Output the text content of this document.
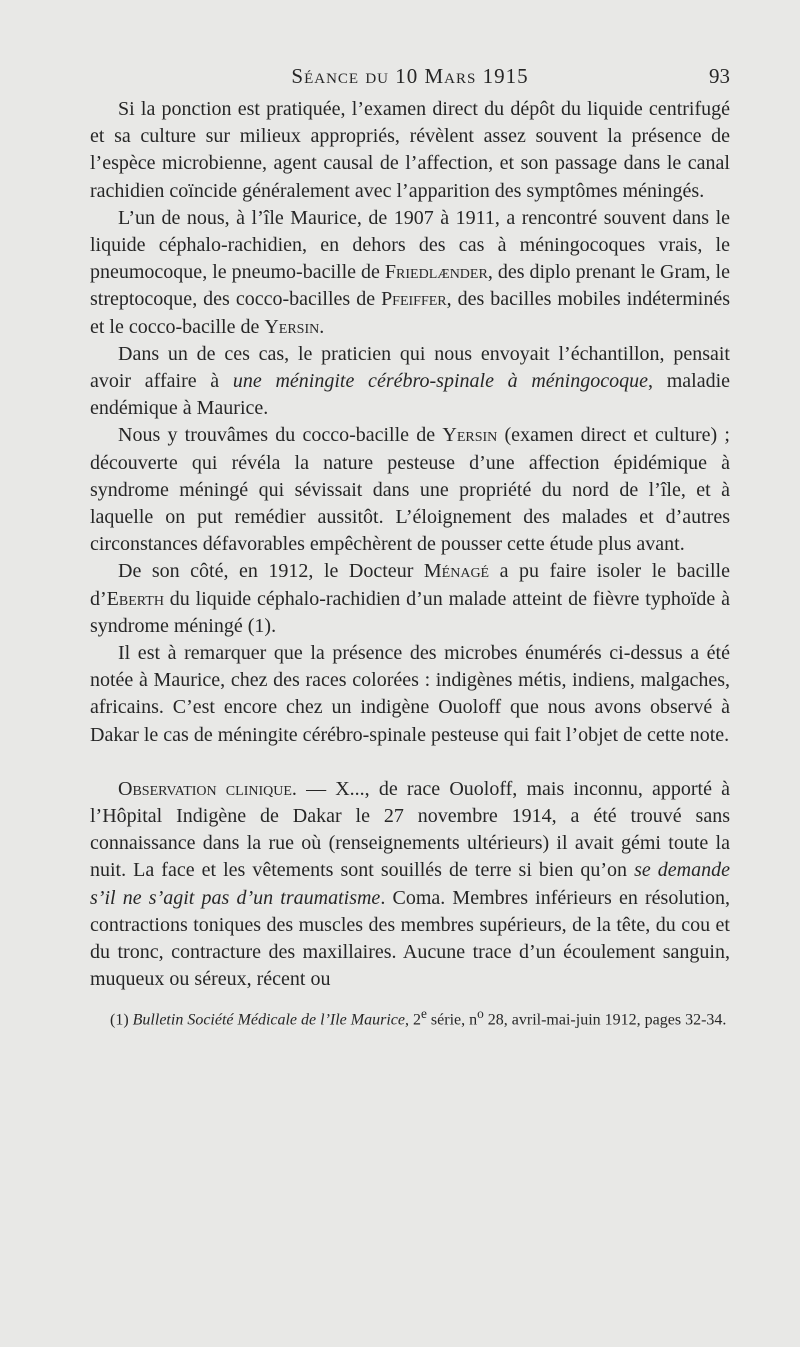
Séance du 10 Mars 1915	93

Si la ponction est pratiquée, l’examen direct du dépôt du liquide centrifugé et sa culture sur milieux appropriés, révèlent assez souvent la présence de l’espèce microbienne, agent causal de l’affection, et son passage dans le canal rachidien coïncide généralement avec l’apparition des symptômes méningés.

L’un de nous, à l’île Maurice, de 1907 à 1911, a rencontré souvent dans le liquide céphalo-rachidien, en dehors des cas à méningocoques vrais, le pneumocoque, le pneumo-bacille de Friedlænder, des diplo prenant le Gram, le streptocoque, des cocco-bacilles de Pfeiffer, des bacilles mobiles indéterminés et le cocco-bacille de Yersin.

Dans un de ces cas, le praticien qui nous envoyait l’échantillon, pensait avoir affaire à une méningite cérébro-spinale à méningocoque, maladie endémique à Maurice.

Nous y trouvâmes du cocco-bacille de Yersin (examen direct et culture) ; découverte qui révéla la nature pesteuse d’une affection épidémique à syndrome méningé qui sévissait dans une propriété du nord de l’île, et à laquelle on put remédier aussitôt. L’éloignement des malades et d’autres circonstances défavorables empêchèrent de pousser cette étude plus avant.

De son côté, en 1912, le Docteur Ménagé a pu faire isoler le bacille d’Eberth du liquide céphalo-rachidien d’un malade atteint de fièvre typhoïde à syndrome méningé (1).

Il est à remarquer que la présence des microbes énumérés ci-dessus a été notée à Maurice, chez des races colorées : indigènes métis, indiens, malgaches, africains. C’est encore chez un indigène Ouoloff que nous avons observé à Dakar le cas de méningite cérébro-spinale pesteuse qui fait l’objet de cette note.

Observation clinique. — X..., de race Ouoloff, mais inconnu, apporté à l’Hôpital Indigène de Dakar le 27 novembre 1914, a été trouvé sans connaissance dans la rue où (renseignements ultérieurs) il avait gémi toute la nuit. La face et les vêtements sont souillés de terre si bien qu’on se demande s’il ne s’agit pas d’un traumatisme. Coma. Membres inférieurs en résolution, contractions toniques des muscles des membres supérieurs, de la tête, du cou et du tronc, contracture des maxillaires. Aucune trace d’un écoulement sanguin, muqueux ou séreux, récent ou

(1) Bulletin Société Médicale de l’Ile Maurice, 2e série, $n^o$ 28, avril-mai-juin 1912, pages 32-34.
